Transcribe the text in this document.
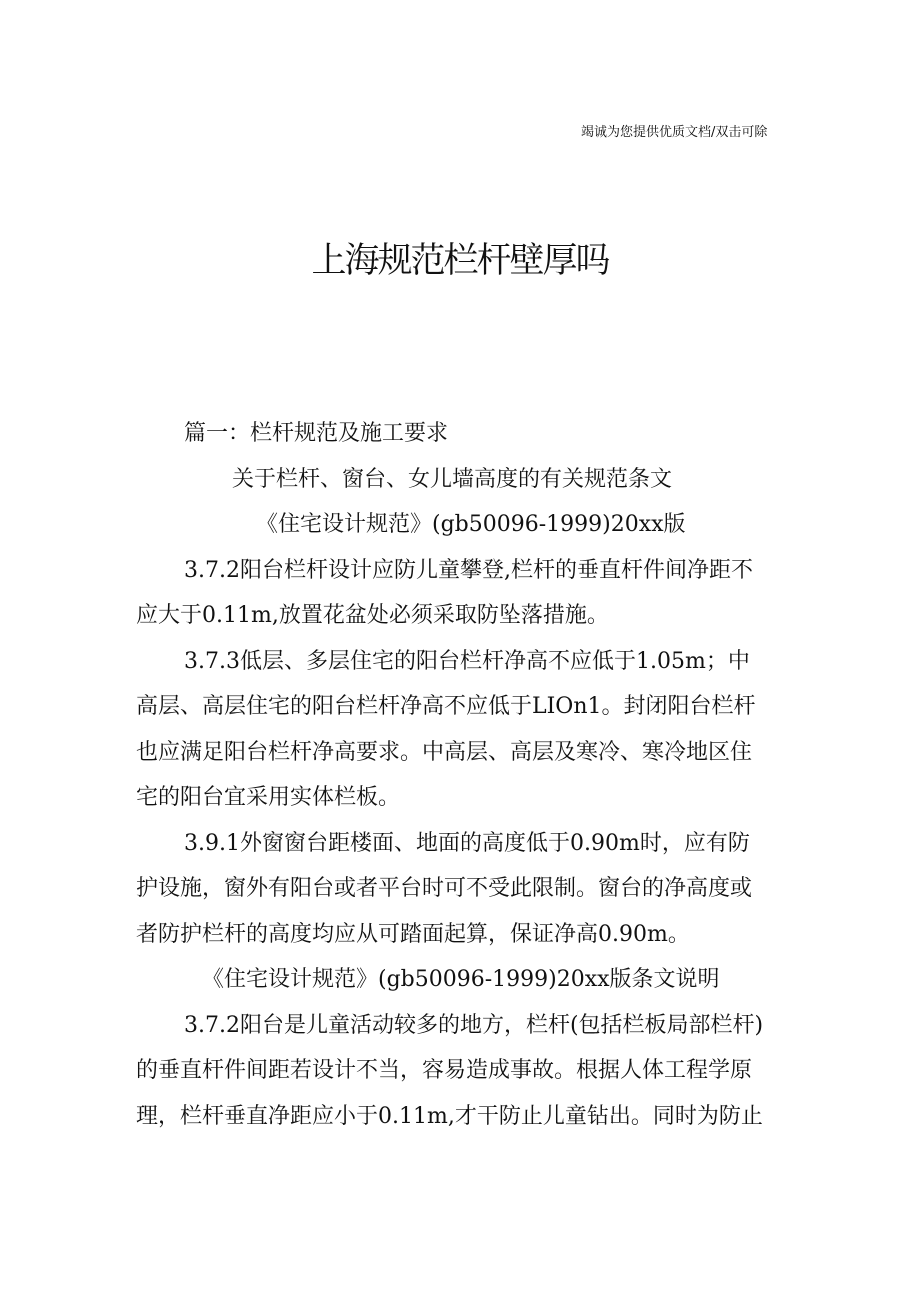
竭诚为您提供优质文档/双击可除
上海规范栏杆壁厚吗
篇一：栏杆规范及施工要求
关于栏杆、窗台、女儿墙高度的有关规范条文
《住宅设计规范》(gb50096-1999)20xx版
3.7.2阳台栏杆设计应防儿童攀登,栏杆的垂直杆件间净距不
应大于0.11m,放置花盆处必须采取防坠落措施。
3.7.3低层、多层住宅的阳台栏杆净高不应低于1.05m；中
高层、高层住宅的阳台栏杆净高不应低于LIOn1。封闭阳台栏杆
也应满足阳台栏杆净高要求。中高层、高层及寒冷、寒冷地区住
宅的阳台宜采用实体栏板。
3.9.1外窗窗台距楼面、地面的高度低于0.90m时，应有防
护设施，窗外有阳台或者平台时可不受此限制。窗台的净高度或
者防护栏杆的高度均应从可踏面起算，保证净高0.90m。
《住宅设计规范》(gb50096-1999)20xx版条文说明
3.7.2阳台是儿童活动较多的地方，栏杆(包括栏板局部栏杆)
的垂直杆件间距若设计不当，容易造成事故。根据人体工程学原
理，栏杆垂直净距应小于0.11m,才干防止儿童钻出。同时为防止
